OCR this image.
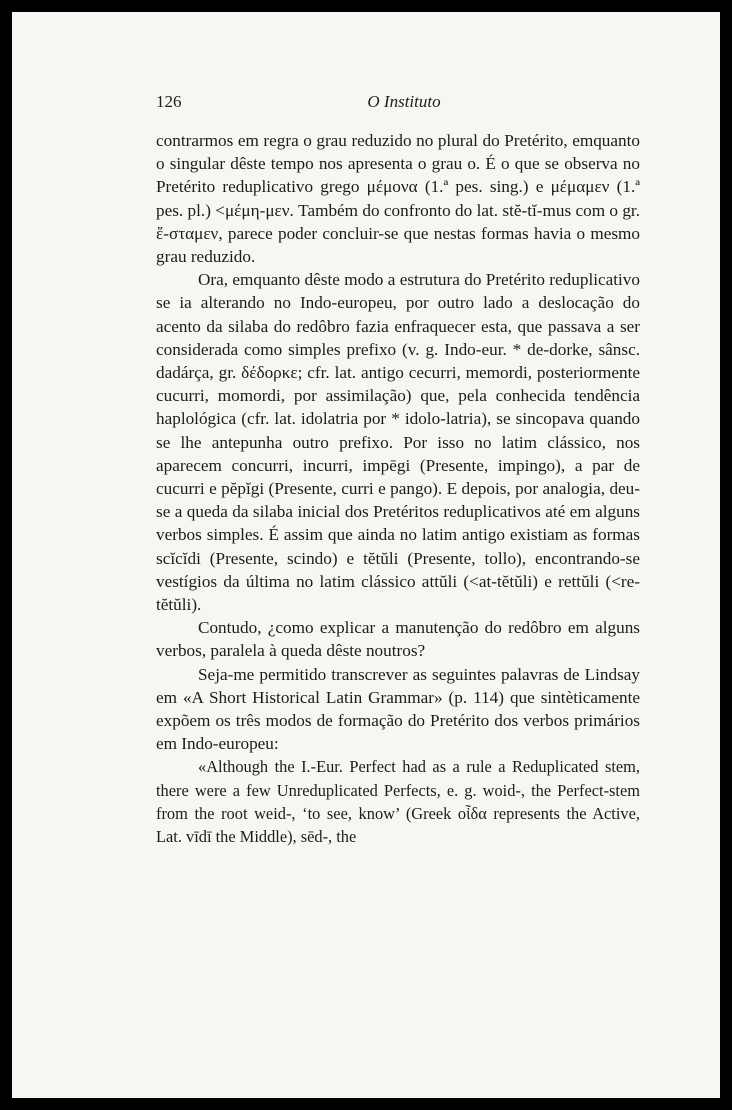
126	O Instituto

contrarmos em regra o grau reduzido no plural do Pretérito, emquanto o singular dêste tempo nos apresenta o grau o. É o que se observa no Pretérito reduplicativo grego μέμονα (1.ª pes. sing.) e μέμαμεν (1.ª pes. pl.) <μέμη-μεν. Também do confronto do lat. stĕ-tĭ-mus com o gr. ἕ-σταμεν, parece poder concluir-se que nestas formas havia o mesmo grau reduzido.

Ora, emquanto dêste modo a estrutura do Pretérito reduplicativo se ia alterando no Indo-europeu, por outro lado a deslocação do acento da silaba do redôbro fazia enfraquecer esta, que passava a ser considerada como simples prefixo (v. g. Indo-eur. * de-dorke, sânsc. dadárça, gr. δέδορκε; cfr. lat. antigo cecurri, memordi, posteriormente cucurri, momordi, por assimilação) que, pela conhecida tendência haplológica (cfr. lat. idolatria por * idolo-latria), se sincopava quando se lhe antepunha outro prefixo. Por isso no latim clássico, nos aparecem concurri, incurri, impēgi (Presente, impingo), a par de cucurri e pĕpĭgi (Presente, curri e pango). E depois, por analogia, deu-se a queda da silaba inicial dos Pretéritos reduplicativos até em alguns verbos simples. É assim que ainda no latim antigo existiam as formas scĭcĭdi (Presente, scindo) e tĕtŭli (Presente, tollo), encontrando-se vestígios da última no latim clássico attŭli (<at-tĕtŭli) e rettŭli (<re-tĕtŭli).

Contudo, ¿como explicar a manutenção do redôbro em alguns verbos, paralela à queda dêste noutros?

Seja-me permitido transcrever as seguintes palavras de Lindsay em «A Short Historical Latin Grammar» (p. 114) que sintèticamente expõem os três modos de formação do Pretérito dos verbos primários em Indo-europeu:

«Although the I.-Eur. Perfect had as a rule a Reduplicated stem, there were a few Unreduplicated Perfects, e. g. woid-, the Perfect-stem from the root weid-, ‘to see, know’ (Greek οἶδα represents the Active, Lat. vīdī the Middle), sēd-, the
